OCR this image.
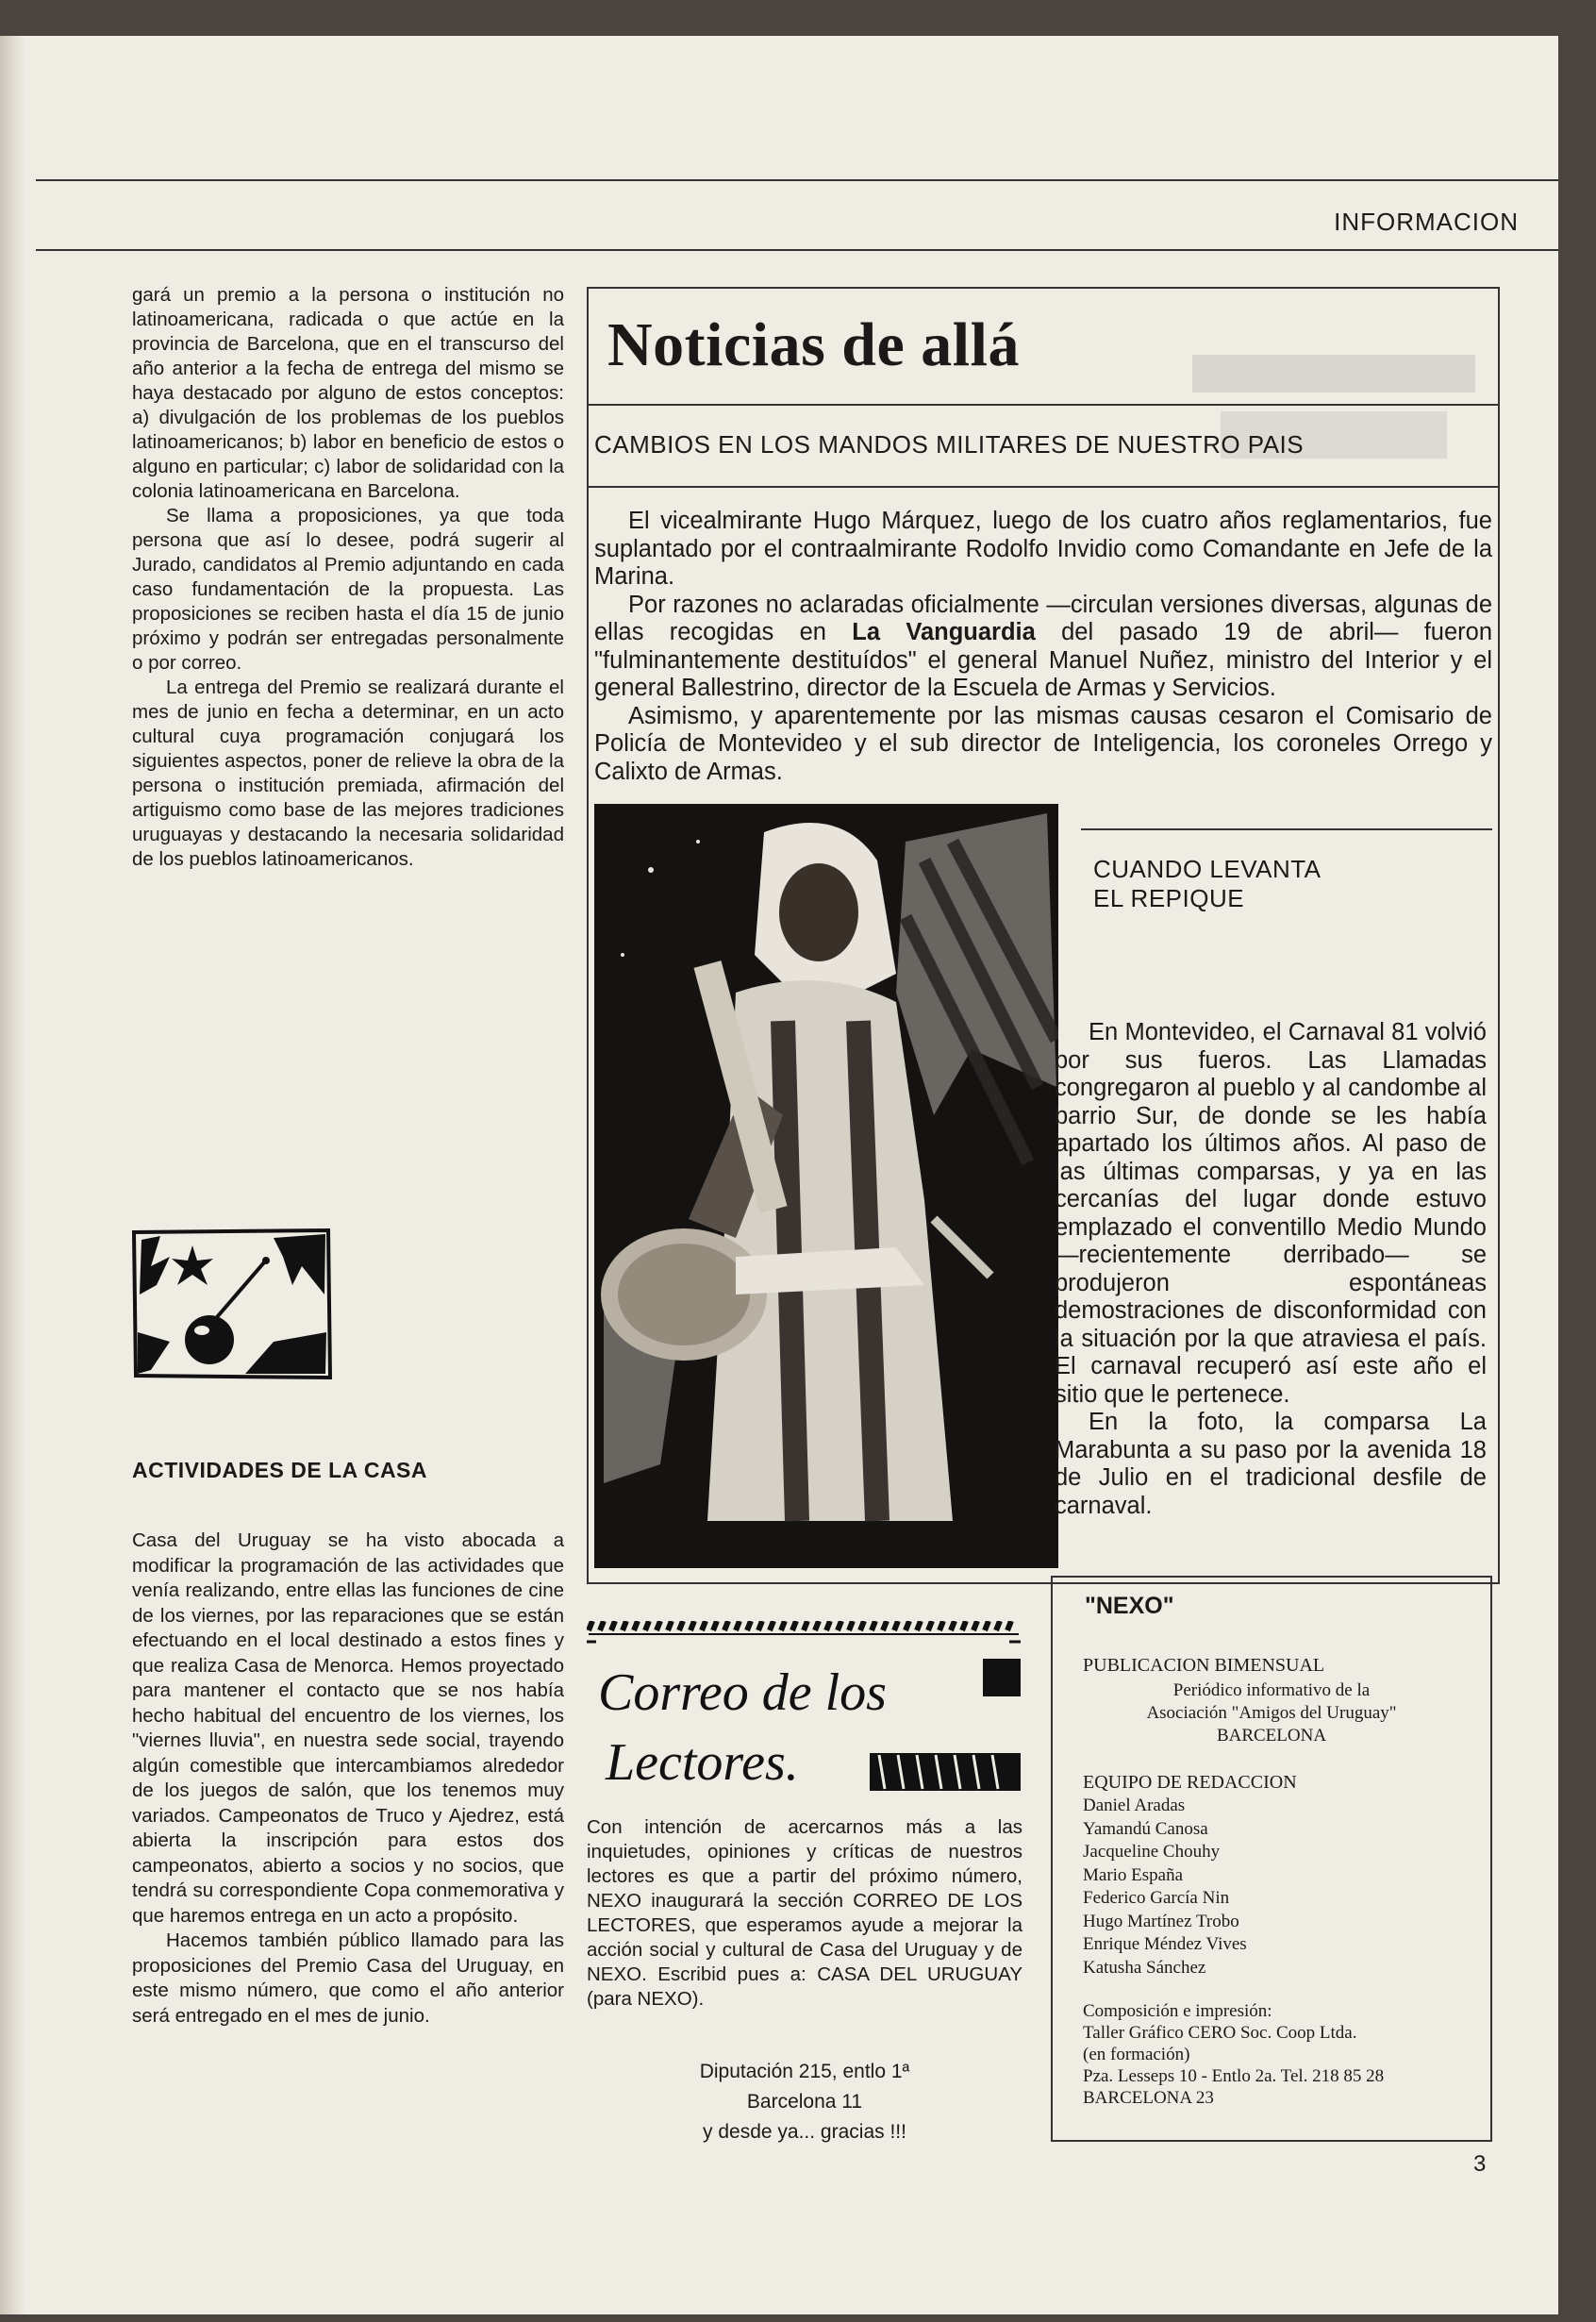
INFORMACION

gará un premio a la persona o institución no latinoamericana, radicada o que actúe en la provincia de Barcelona, que en el transcurso del año anterior a la fecha de entrega del mismo se haya destacado por alguno de estos conceptos: a) divulgación de los problemas de los pueblos latinoamericanos; b) labor en beneficio de estos o alguno en particular; c) labor de solidaridad con la colonia latinoamericana en Barcelona.

Se llama a proposiciones, ya que toda persona que así lo desee, podrá sugerir al Jurado, candidatos al Premio adjuntando en cada caso fundamentación de la propuesta. Las proposiciones se reciben hasta el día 15 de junio próximo y podrán ser entregadas personalmente o por correo.

La entrega del Premio se realizará durante el mes de junio en fecha a determinar, en un acto cultural cuya programación conjugará los siguientes aspectos, poner de relieve la obra de la persona o institución premiada, afirmación del artiguismo como base de las mejores tradiciones uruguayas y destacando la necesaria solidaridad de los pueblos latinoamericanos.

ACTIVIDADES DE LA CASA

Casa del Uruguay se ha visto abocada a modificar la programación de las actividades que venía realizando, entre ellas las funciones de cine de los viernes, por las reparaciones que se están efectuando en el local destinado a estos fines y que realiza Casa de Menorca. Hemos proyectado para mantener el contacto que se nos había hecho habitual del encuentro de los viernes, los "viernes lluvia", en nuestra sede social, trayendo algún comestible que intercambiamos alrededor de los juegos de salón, que los tenemos muy variados. Campeonatos de Truco y Ajedrez, está abierta la inscripción para estos dos campeonatos, abierto a socios y no socios, que tendrá su correspondiente Copa conmemorativa y que haremos entrega en un acto a propósito.

Hacemos también público llamado para las proposiciones del Premio Casa del Uruguay, en este mismo número, que como el año anterior será entregado en el mes de junio.

Noticias de allá
CAMBIOS EN LOS MANDOS MILITARES DE NUESTRO PAIS

El vicealmirante Hugo Márquez, luego de los cuatro años reglamentarios, fue suplantado por el contraalmirante Rodolfo Invidio como Comandante en Jefe de la Marina.

Por razones no aclaradas oficialmente —circulan versiones diversas, algunas de ellas recogidas en La Vanguardia del pasado 19 de abril— fueron "fulminantemente destituídos" el general Manuel Nuñez, ministro del Interior y el general Ballestrino, director de la Escuela de Armas y Servicios.

Asimismo, y aparentemente por las mismas causas cesaron el Comisario de Policía de Montevideo y el sub director de Inteligencia, los coroneles Orrego y Calixto de Armas.

CUANDO LEVANTA
EL REPIQUE

En Montevideo, el Carnaval 81 volvió por sus fueros. Las Llamadas congregaron al pueblo y al candombe al barrio Sur, de donde se les había apartado los últimos años. Al paso de las últimas comparsas, y ya en las cercanías del lugar donde estuvo emplazado el conventillo Medio Mundo —recientemente derribado— se produjeron espontáneas demostraciones de disconformidad con la situación por la que atraviesa el país. El carnaval recuperó así este año el sitio que le pertenece.

En la foto, la comparsa La Marabunta a su paso por la avenida 18 de Julio en el tradicional desfile de carnaval.

Correo de los
Lectores.
Con intención de acercarnos más a las inquietudes, opiniones y críticas de nuestros lectores es que a partir del próximo número, NEXO inaugurará la sección CORREO DE LOS LECTORES, que esperamos ayude a mejorar la acción social y cultural de Casa del Uruguay y de NEXO. Escribid pues a: CASA DEL URUGUAY (para NEXO).
Diputación 215, entlo 1ª
Barcelona 11
y desde ya... gracias !!!
"NEXO"
PUBLICACION BIMENSUAL
Periódico informativo de la
Asociación "Amigos del Uruguay"
BARCELONA
EQUIPO DE REDACCION
Daniel Aradas
Yamandú Canosa
Jacqueline Chouhy
Mario España
Federico García Nin
Hugo Martínez Trobo
Enrique Méndez Vives
Katusha Sánchez
Composición e impresión:
Taller Gráfico CERO Soc. Coop Ltda.
(en formación)
Pza. Lesseps 10 - Entlo 2a. Tel. 218 85 28
BARCELONA 23
3
